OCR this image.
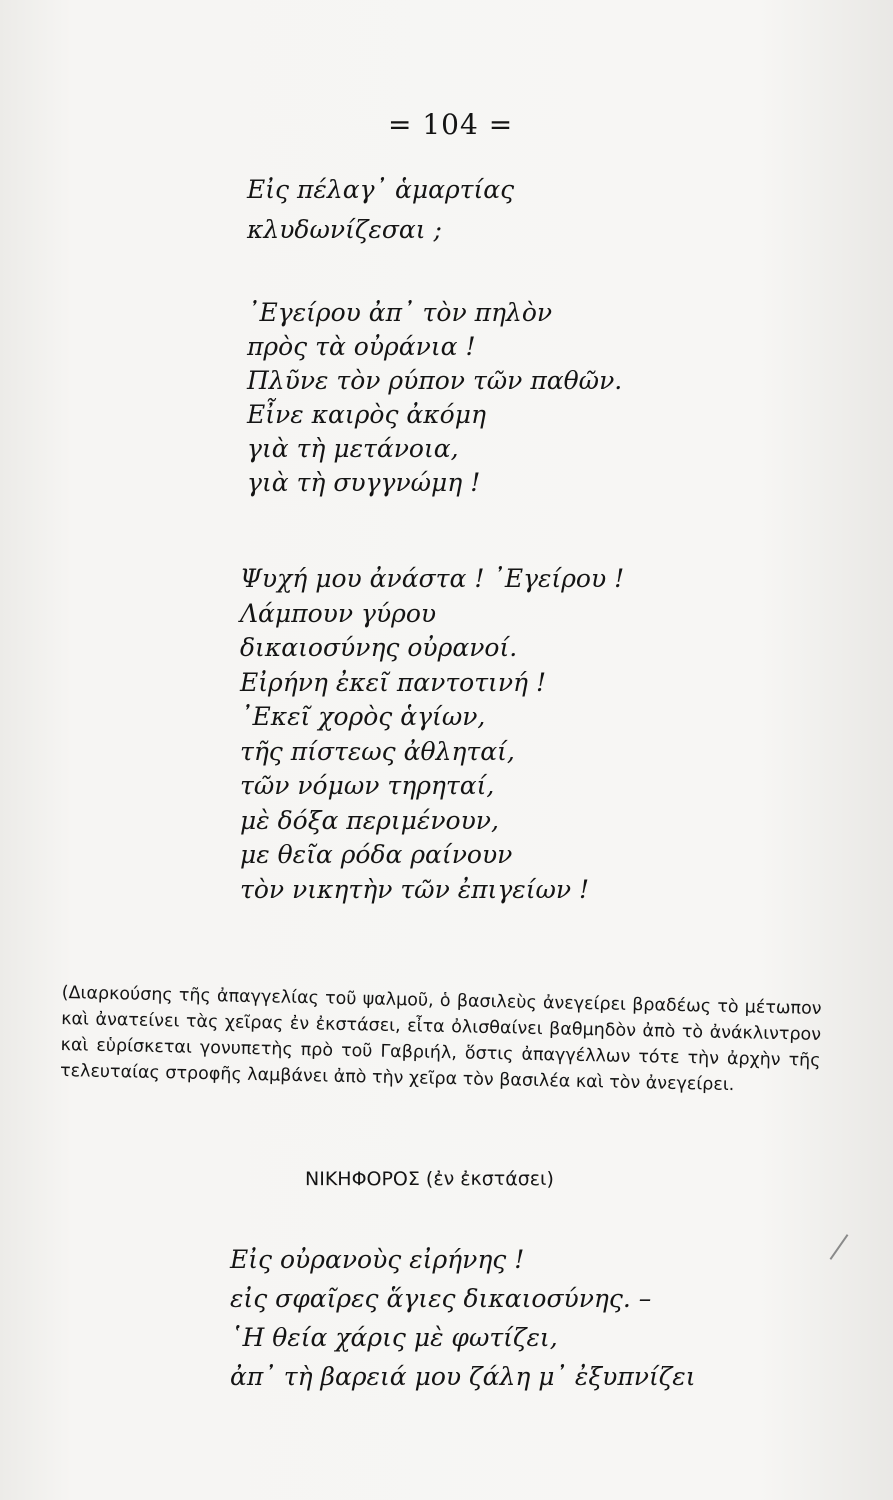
= 104 =
Εἰς πέλαγ᾽ ἁμαρτίας
κλυδωνίζεσαι ;
᾽Εγείρου ἀπ᾽ τὸν πηλὸν
πρὸς τὰ οὐράνια !
Πλῦνε τὸν ρύπον τῶν παθῶν.
Εἶνε καιρὸς ἀκόμη
γιὰ τὴ μετάνοια,
γιὰ τὴ συγγνώμη !
Ψυχή μου ἀνάστα ! ᾽Εγείρου !
Λάμπουν γύρου
δικαιοσύνης οὐρανοί.
Εἰρήνη ἐκεῖ παντοτινή !
᾽Εκεῖ χορὸς ἁγίων,
τῆς πίστεως ἀθληταί,
τῶν νόμων τηρηταί,
μὲ δόξα περιμένουν,
με θεῖα ρόδα ραίνουν
τὸν νικητὴν τῶν ἐπιγείων !

(Διαρκούσης τῆς ἀπαγγελίας τοῦ ψαλμοῦ, ὁ βασιλεὺς ἀνεγείρει βραδέως τὸ μέτωπον καὶ ἀνατείνει τὰς χεῖρας ἐν ἐκστάσει, εἶτα ὀλισθαίνει βαθμηδὸν ἀπὸ τὸ ἀνάκλιντρον καὶ εὑρίσκεται γονυπετὴς πρὸ τοῦ Γαβριήλ, ὅστις ἀπαγγέλλων τότε τὴν ἀρχὴν τῆς τελευταίας στροφῆς λαμβάνει ἀπὸ τὴν χεῖρα τὸν βασιλέα καὶ τὸν ἀνεγείρει.

ΝΙΚΗΦΟΡΟΣ (ἐν ἐκστάσει)
Εἰς οὐρανοὺς εἰρήνης !
εἰς σφαῖρες ἅγιες δικαιοσύνης. –
῾Η θεία χάρις μὲ φωτίζει,
ἀπ᾽ τὴ βαρειά μου ζάλη μ᾽ ἐξυπνίζει
